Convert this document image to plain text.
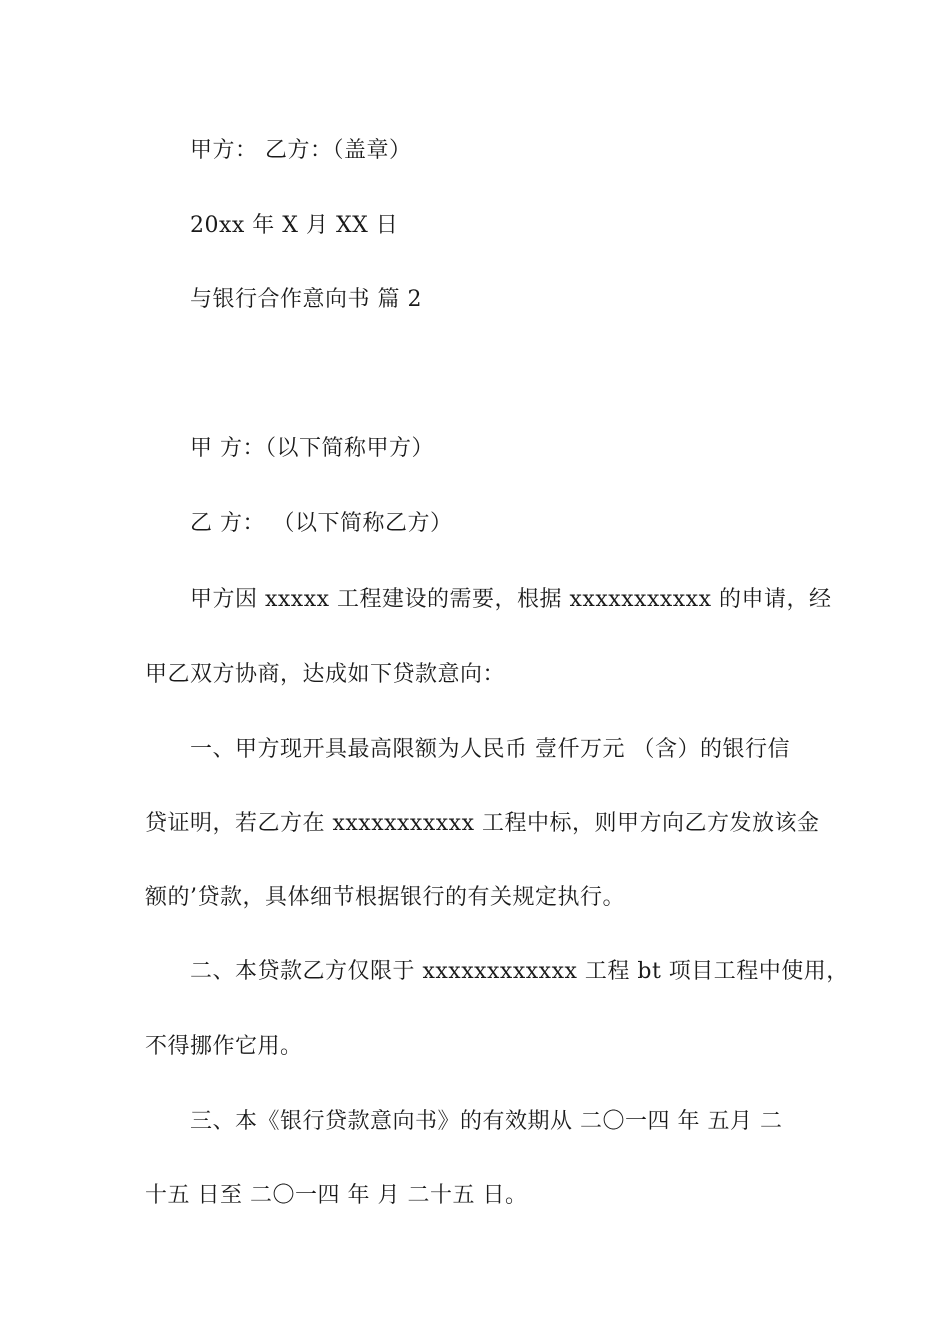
甲方： 乙方：（盖章）
20xx 年 X 月 XX 日
与银行合作意向书 篇 2
甲 方：（以下简称甲方）
乙 方： （以下简称乙方）
甲方因 xxxxx 工程建设的需要，根据 xxxxxxxxxxx 的申请，经
甲乙双方协商，达成如下贷款意向：
一、甲方现开具最高限额为人民币 壹仟万元 （含）的银行信
贷证明，若乙方在 xxxxxxxxxxx 工程中标，则甲方向乙方发放该金
额的’贷款，具体细节根据银行的有关规定执行。
二、本贷款乙方仅限于 xxxxxxxxxxxx 工程 bt 项目工程中使用，
不得挪作它用。
三、本《银行贷款意向书》的有效期从 二〇一四 年 五月 二
十五 日至 二〇一四 年 月 二十五 日。
